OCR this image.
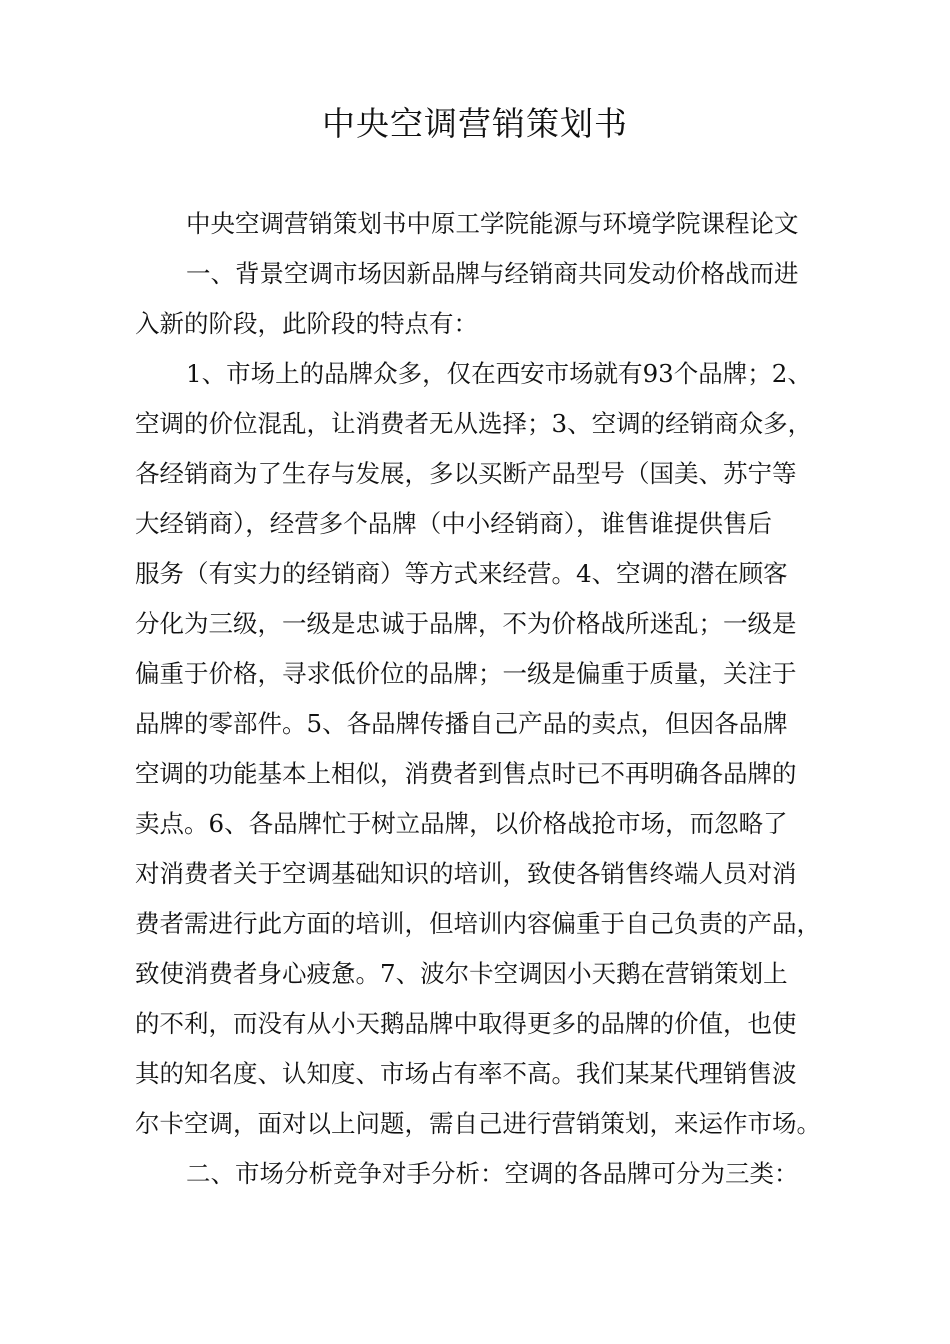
中央空调营销策划书
中央空调营销策划书中原工学院能源与环境学院课程论文
一、背景空调市场因新品牌与经销商共同发动价格战而进
入新的阶段，此阶段的特点有：
1、市场上的品牌众多，仅在西安市场就有93个品牌；2、
空调的价位混乱，让消费者无从选择；3、空调的经销商众多，
各经销商为了生存与发展，多以买断产品型号（国美、苏宁等
大经销商），经营多个品牌（中小经销商），谁售谁提供售后
服务（有实力的经销商）等方式来经营。4、空调的潜在顾客
分化为三级，一级是忠诚于品牌，不为价格战所迷乱；一级是
偏重于价格，寻求低价位的品牌；一级是偏重于质量，关注于
品牌的零部件。5、各品牌传播自己产品的卖点，但因各品牌
空调的功能基本上相似，消费者到售点时已不再明确各品牌的
卖点。6、各品牌忙于树立品牌，以价格战抢市场，而忽略了
对消费者关于空调基础知识的培训，致使各销售终端人员对消
费者需进行此方面的培训，但培训内容偏重于自己负责的产品，
致使消费者身心疲惫。7、波尔卡空调因小天鹅在营销策划上
的不利，而没有从小天鹅品牌中取得更多的品牌的价值，也使
其的知名度、认知度、市场占有率不高。我们某某代理销售波
尔卡空调，面对以上问题，需自己进行营销策划，来运作市场。
二、市场分析竞争对手分析：空调的各品牌可分为三类：
